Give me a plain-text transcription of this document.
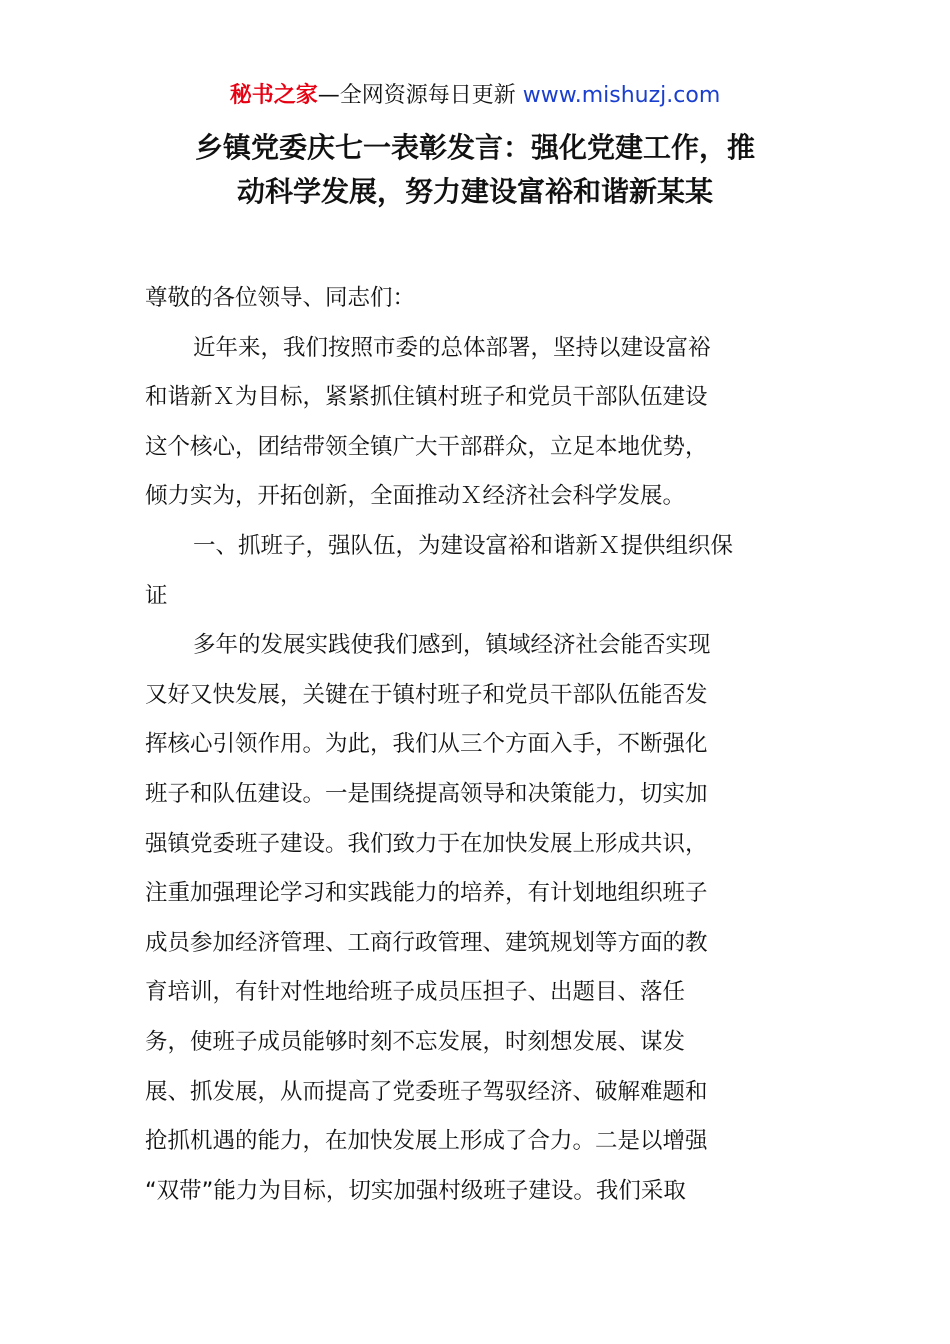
秘书之家—全网资源每日更新 www.mishuzj.com
乡镇党委庆七一表彰发言：强化党建工作，推
动科学发展，努力建设富裕和谐新某某
尊敬的各位领导、同志们：
近年来，我们按照市委的总体部署，坚持以建设富裕
和谐新Ｘ为目标，紧紧抓住镇村班子和党员干部队伍建设
这个核心，团结带领全镇广大干部群众，立足本地优势，
倾力实为，开拓创新，全面推动Ｘ经济社会科学发展。
一、抓班子，强队伍，为建设富裕和谐新Ｘ提供组织保
证
多年的发展实践使我们感到，镇域经济社会能否实现
又好又快发展，关键在于镇村班子和党员干部队伍能否发
挥核心引领作用。为此，我们从三个方面入手，不断强化
班子和队伍建设。一是围绕提高领导和决策能力，切实加
强镇党委班子建设。我们致力于在加快发展上形成共识，
注重加强理论学习和实践能力的培养，有计划地组织班子
成员参加经济管理、工商行政管理、建筑规划等方面的教
育培训，有针对性地给班子成员压担子、出题目、落任
务，使班子成员能够时刻不忘发展，时刻想发展、谋发
展、抓发展，从而提高了党委班子驾驭经济、破解难题和
抢抓机遇的能力，在加快发展上形成了合力。二是以增强
“双带”能力为目标，切实加强村级班子建设。我们采取
